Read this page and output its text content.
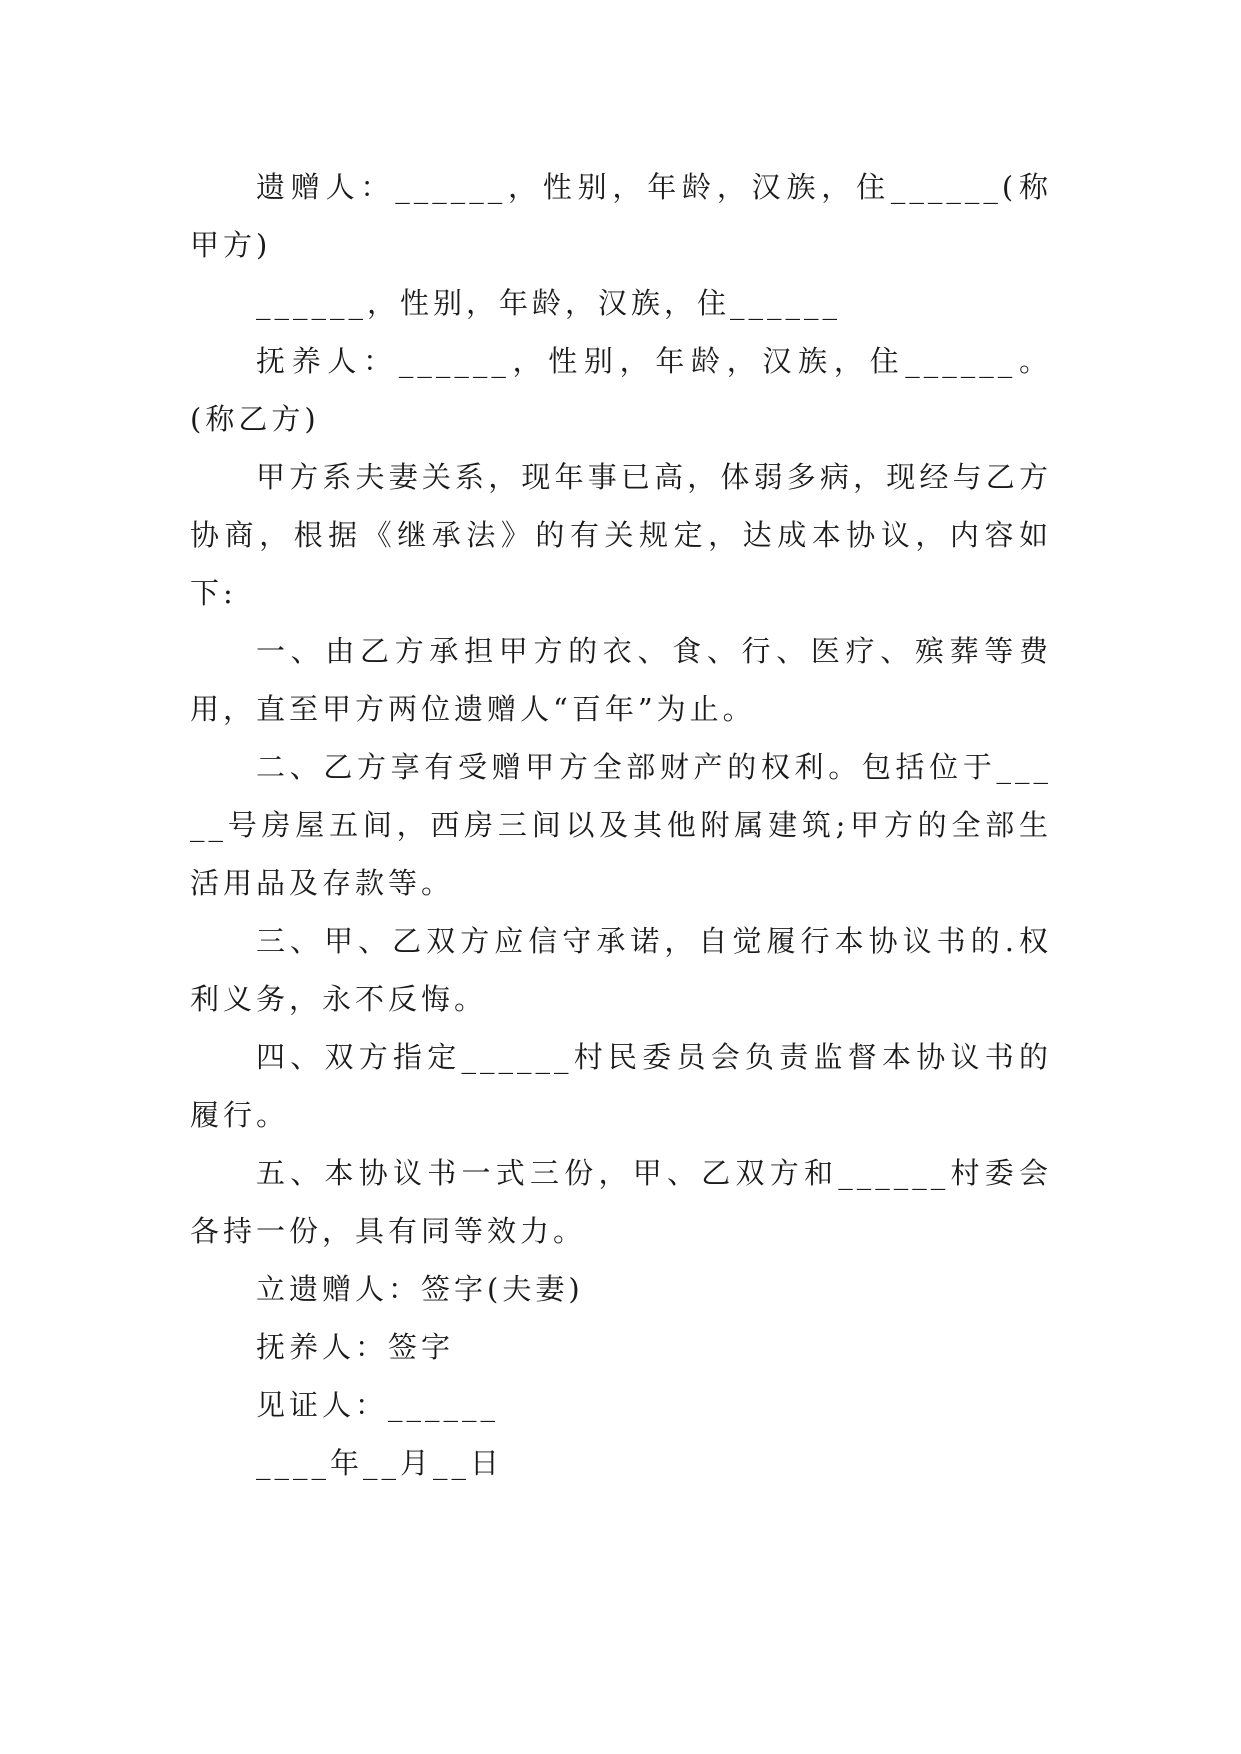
遗赠人：______，性别，年龄，汉族，住______(称甲方)

______，性别，年龄，汉族，住______

抚养人：______，性别，年龄，汉族，住______。(称乙方)

甲方系夫妻关系，现年事已高，体弱多病，现经与乙方协商，根据《继承法》的有关规定，达成本协议，内容如下:

一、由乙方承担甲方的衣、食、行、医疗、殡葬等费用，直至甲方两位遗赠人“百年”为止。

二、乙方享有受赠甲方全部财产的权利。包括位于_____号房屋五间，西房三间以及其他附属建筑;甲方的全部生活用品及存款等。

三、甲、乙双方应信守承诺，自觉履行本协议书的.权利义务，永不反悔。

四、双方指定______村民委员会负责监督本协议书的履行。

五、本协议书一式三份，甲、乙双方和______村委会各持一份，具有同等效力。

立遗赠人：签字(夫妻)

抚养人：签字

见证人：______

____年__月__日
